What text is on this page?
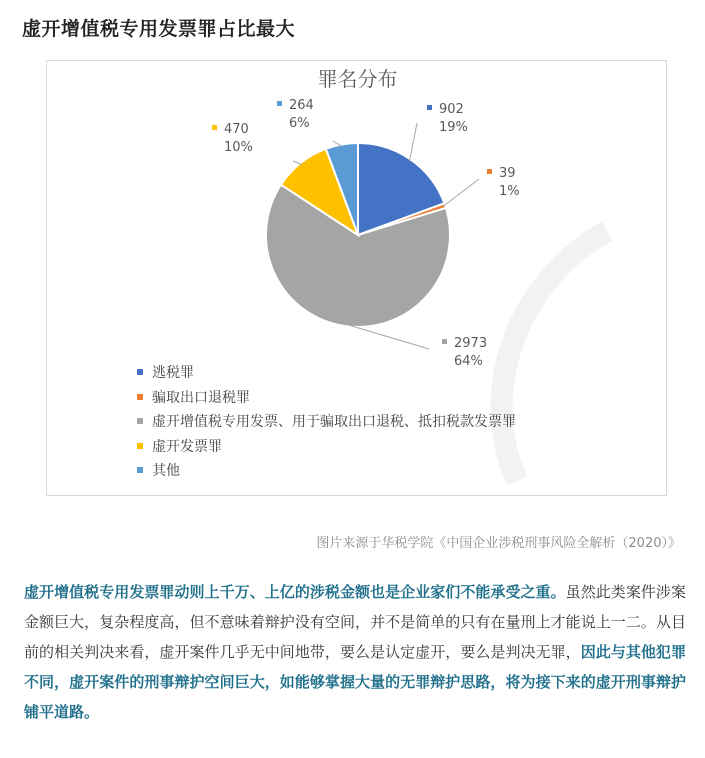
虚开增值税专用发票罪占比最大
罪名分布
902
19%
39
1%
2973
64%
470
10%
264
6%
逃税罪
骗取出口退税罪
虚开增值税专用发票、用于骗取出口退税、抵扣税款发票罪
虚开发票罪
其他
图片来源于华税学院《中国企业涉税刑事风险全解析（2020）》
虚开增值税专用发票罪动则上千万、上亿的涉税金额也是企业家们不能承受之重。虽然此类案件涉案金额巨大，复杂程度高，但不意味着辩护没有空间，并不是简单的只有在量刑上才能说上一二。从目前的相关判决来看，虚开案件几乎无中间地带，要么是认定虚开，要么是判决无罪，因此与其他犯罪不同，虚开案件的刑事辩护空间巨大，如能够掌握大量的无罪辩护思路，将为接下来的虚开刑事辩护铺平道路。
